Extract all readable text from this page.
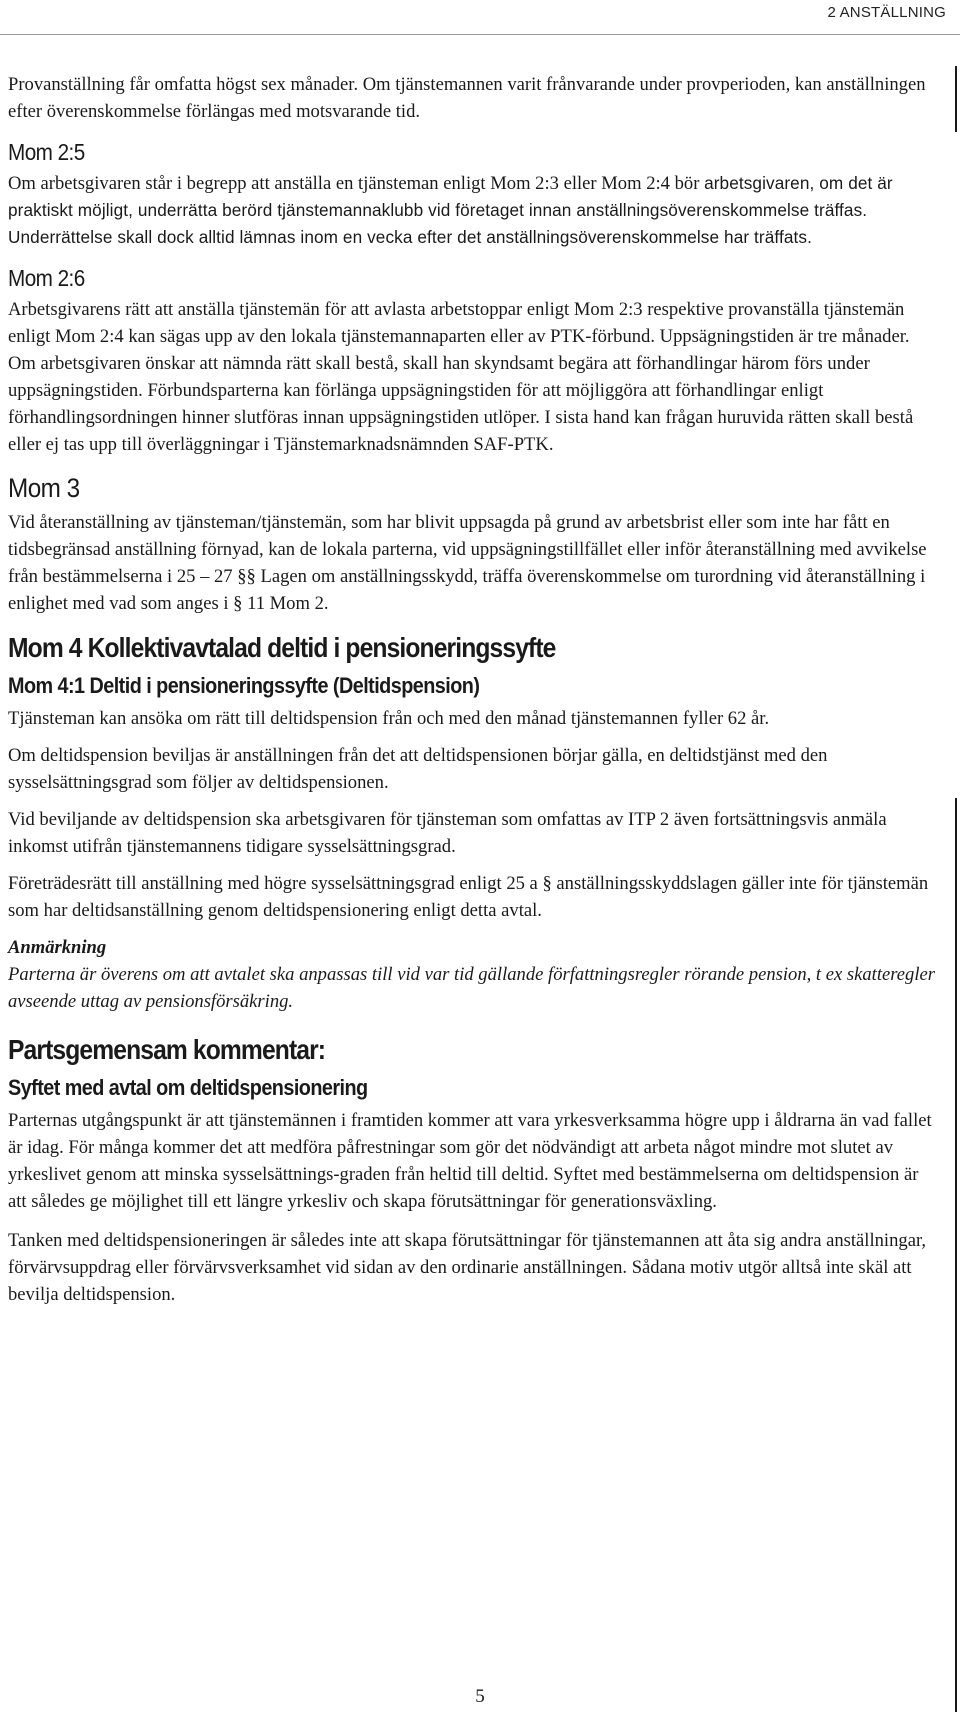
2 ANSTÄLLNING

Provanställning får omfatta högst sex månader. Om tjänstemannen varit frånvarande under provperioden, kan anställningen efter överenskommelse förlängas med motsvarande tid.

Mom 2:5

Om arbetsgivaren står i begrepp att anställa en tjänsteman enligt Mom 2:3 eller Mom 2:4 bör arbetsgivaren, om det är praktiskt möjligt, underrätta berörd tjänstemannaklubb vid företaget innan anställningsöverenskommelse träffas. Underrättelse skall dock alltid lämnas inom en vecka efter det anställningsöverenskommelse har träffats.

Mom 2:6

Arbetsgivarens rätt att anställa tjänstemän för att avlasta arbetstoppar enligt Mom 2:3 respektive provanställa tjänstemän enligt Mom 2:4 kan sägas upp av den lokala tjänstemannaparten eller av PTK-förbund. Uppsägningstiden är tre månader. Om arbetsgivaren önskar att nämnda rätt skall bestå, skall han skyndsamt begära att förhandlingar härom förs under uppsägningstiden. Förbundsparterna kan förlänga uppsägningstiden för att möjliggöra att förhandlingar enligt förhandlingsordningen hinner slutföras innan uppsägningstiden utlöper. I sista hand kan frågan huruvida rätten skall bestå eller ej tas upp till överläggningar i Tjänstemarknadsnämnden SAF-PTK.

Mom 3

Vid återanställning av tjänsteman/tjänstemän, som har blivit uppsagda på grund av arbetsbrist eller som inte har fått en tidsbegränsad anställning förnyad, kan de lokala parterna, vid uppsägningstillfället eller inför återanställning med avvikelse från bestämmelserna i 25 – 27 §§ Lagen om anställningsskydd, träffa överenskommelse om turordning vid återanställning i enlighet med vad som anges i § 11 Mom 2.

Mom 4 Kollektivavtalad deltid i pensioneringssyfte
Mom 4:1 Deltid i pensioneringssyfte (Deltidspension)

Tjänsteman kan ansöka om rätt till deltidspension från och med den månad tjänstemannen fyller 62 år.

Om deltidspension beviljas är anställningen från det att deltidspensionen börjar gälla, en deltidstjänst med den sysselsättningsgrad som följer av deltidspensionen.

Vid beviljande av deltidspension ska arbetsgivaren för tjänsteman som omfattas av ITP 2 även fortsättningsvis anmäla inkomst utifrån tjänstemannens tidigare sysselsättningsgrad.

Företrädesrätt till anställning med högre sysselsättningsgrad enligt 25 a § anställningsskyddslagen gäller inte för tjänstemän som har deltidsanställning genom deltidspensionering enligt detta avtal.

Anmärkning

Parterna är överens om att avtalet ska anpassas till vid var tid gällande författningsregler rörande pension, t ex skatteregler avseende uttag av pensionsförsäkring.

Partsgemensam kommentar:
Syftet med avtal om deltidspensionering

Parternas utgångspunkt är att tjänstemännen i framtiden kommer att vara yrkesverksamma högre upp i åldrarna än vad fallet är idag. För många kommer det att medföra påfrestningar som gör det nödvändigt att arbeta något mindre mot slutet av yrkeslivet genom att minska sysselsättnings-graden från heltid till deltid. Syftet med bestämmelserna om deltidspension är att således ge möjlighet till ett längre yrkesliv och skapa förutsättningar för generationsväxling.

Tanken med deltidspensioneringen är således inte att skapa förutsättningar för tjänstemannen att åta sig andra anställningar, förvärvsuppdrag eller förvärvsverksamhet vid sidan av den ordinarie anställningen. Sådana motiv utgör alltså inte skäl att bevilja deltidspension.

5
